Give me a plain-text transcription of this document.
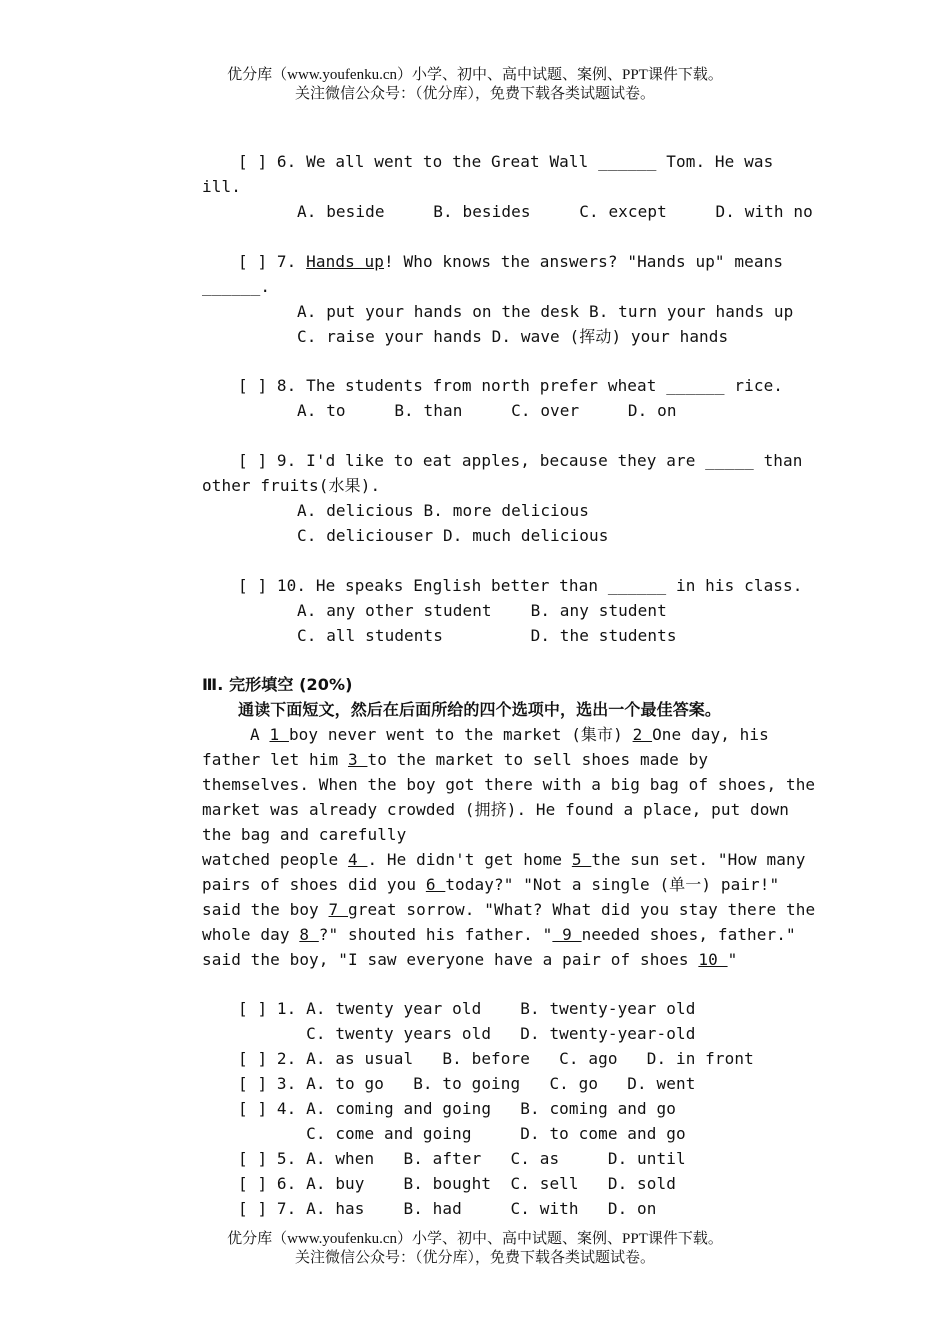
优分库（www.youfenku.cn）小学、初中、高中试题、案例、PPT课件下载。
关注微信公众号：（优分库），免费下载各类试题试卷。
[ ] 6. We all went to the Great Wall ______ Tom. He was
ill.
A. beside     B. besides     C. except     D. with no
[ ] 7. Hands up! Who knows the answers? "Hands up" means
______.
A. put your hands on the desk B. turn your hands up
C. raise your hands D. wave (挥动) your hands
[ ] 8. The students from north prefer wheat ______ rice.
A. to     B. than     C. over     D. on
[ ] 9. I'd like to eat apples, because they are _____ than
other fruits(水果).
A. delicious B. more delicious
C. deliciouser D. much delicious
[ ] 10. He speaks English better than ______ in his class.
A. any other student    B. any student
C. all students         D. the students
Ⅲ. 完形填空 (20%)
通读下面短文，然后在后面所给的四个选项中，选出一个最佳答案。
A 1 boy never went to the market (集市) 2 One day, his
father let him 3 to the market to sell shoes made by
themselves. When the boy got there with a big bag of shoes, the
market was already crowded (拥挤). He found a place, put down
the bag and carefully
watched people 4 . He didn't get home 5 the sun set. "How many
pairs of shoes did you 6 today?" "Not a single (单一) pair!"
said the boy 7 great sorrow. "What? What did you stay there the
whole day 8 ?" shouted his father. " 9 needed shoes, father."
said the boy, "I saw everyone have a pair of shoes 10 "
[ ] 1. A. twenty year old    B. twenty-year old
C. twenty years old   D. twenty-year-old
[ ] 2. A. as usual   B. before   C. ago   D. in front
[ ] 3. A. to go   B. to going   C. go   D. went
[ ] 4. A. coming and going   B. coming and go
C. come and going     D. to come and go
[ ] 5. A. when   B. after   C. as     D. until
[ ] 6. A. buy    B. bought  C. sell   D. sold
[ ] 7. A. has    B. had     C. with   D. on
优分库（www.youfenku.cn）小学、初中、高中试题、案例、PPT课件下载。
关注微信公众号：（优分库），免费下载各类试题试卷。
